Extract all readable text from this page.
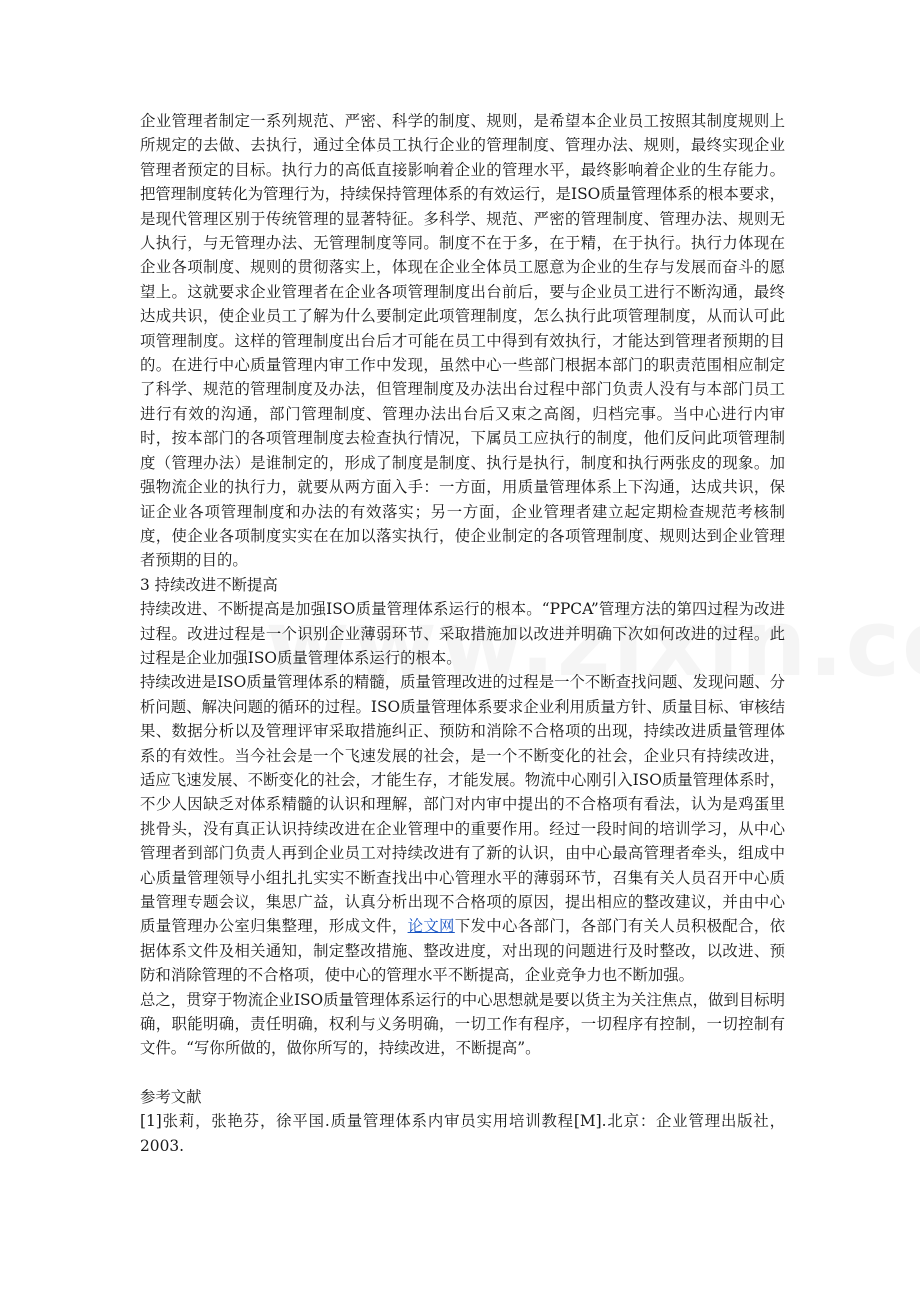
企业管理者制定一系列规范、严密、科学的制度、规则，是希望本企业员工按照其制度规则上所规定的去做、去执行，通过全体员工执行企业的管理制度、管理办法、规则，最终实现企业管理者预定的目标。执行力的高低直接影响着企业的管理水平，最终影响着企业的生存能力。把管理制度转化为管理行为，持续保持管理体系的有效运行，是ISO质量管理体系的根本要求，是现代管理区别于传统管理的显著特征。多科学、规范、严密的管理制度、管理办法、规则无人执行，与无管理办法、无管理制度等同。制度不在于多，在于精，在于执行。执行力体现在企业各项制度、规则的贯彻落实上，体现在企业全体员工愿意为企业的生存与发展而奋斗的愿望上。这就要求企业管理者在企业各项管理制度出台前后，要与企业员工进行不断沟通，最终达成共识，使企业员工了解为什么要制定此项管理制度，怎么执行此项管理制度，从而认可此项管理制度。这样的管理制度出台后才可能在员工中得到有效执行，才能达到管理者预期的目的。在进行中心质量管理内审工作中发现，虽然中心一些部门根据本部门的职责范围相应制定了科学、规范的管理制度及办法，但管理制度及办法出台过程中部门负责人没有与本部门员工进行有效的沟通，部门管理制度、管理办法出台后又束之高阁，归档完事。当中心进行内审时，按本部门的各项管理制度去检查执行情况，下属员工应执行的制度，他们反问此项管理制度（管理办法）是谁制定的，形成了制度是制度、执行是执行，制度和执行两张皮的现象。加强物流企业的执行力，就要从两方面入手：一方面，用质量管理体系上下沟通，达成共识，保证企业各项管理制度和办法的有效落实；另一方面，企业管理者建立起定期检查规范考核制度，使企业各项制度实实在在加以落实执行，使企业制定的各项管理制度、规则达到企业管理者预期的目的。

3 持续改进不断提高

持续改进、不断提高是加强ISO质量管理体系运行的根本。“PPCA”管理方法的第四过程为改进过程。改进过程是一个识别企业薄弱环节、采取措施加以改进并明确下次如何改进的过程。此过程是企业加强ISO质量管理体系运行的根本。

持续改进是ISO质量管理体系的精髓，质量管理改进的过程是一个不断查找问题、发现问题、分析问题、解决问题的循环的过程。ISO质量管理体系要求企业利用质量方针、质量目标、审核结果、数据分析以及管理评审采取措施纠正、预防和消除不合格项的出现，持续改进质量管理体系的有效性。当今社会是一个飞速发展的社会，是一个不断变化的社会，企业只有持续改进，适应飞速发展、不断变化的社会，才能生存，才能发展。物流中心刚引入ISO质量管理体系时，不少人因缺乏对体系精髓的认识和理解，部门对内审中提出的不合格项有看法，认为是鸡蛋里挑骨头，没有真正认识持续改进在企业管理中的重要作用。经过一段时间的培训学习，从中心管理者到部门负责人再到企业员工对持续改进有了新的认识，由中心最高管理者牵头，组成中心质量管理领导小组扎扎实实不断查找出中心管理水平的薄弱环节，召集有关人员召开中心质量管理专题会议，集思广益，认真分析出现不合格项的原因，提出相应的整改建议，并由中心质量管理办公室归集整理，形成文件，论文网下发中心各部门，各部门有关人员积极配合，依据体系文件及相关通知，制定整改措施、整改进度，对出现的问题进行及时整改，以改进、预防和消除管理的不合格项，使中心的管理水平不断提高，企业竞争力也不断加强。

总之，贯穿于物流企业ISO质量管理体系运行的中心思想就是要以货主为关注焦点，做到目标明确，职能明确，责任明确，权利与义务明确，一切工作有程序，一切程序有控制，一切控制有文件。“写你所做的，做你所写的，持续改进，不断提高”。

参考文献

[1]张莉，张艳芬，徐平国.质量管理体系内审员实用培训教程[M].北京：企业管理出版社，2003.
